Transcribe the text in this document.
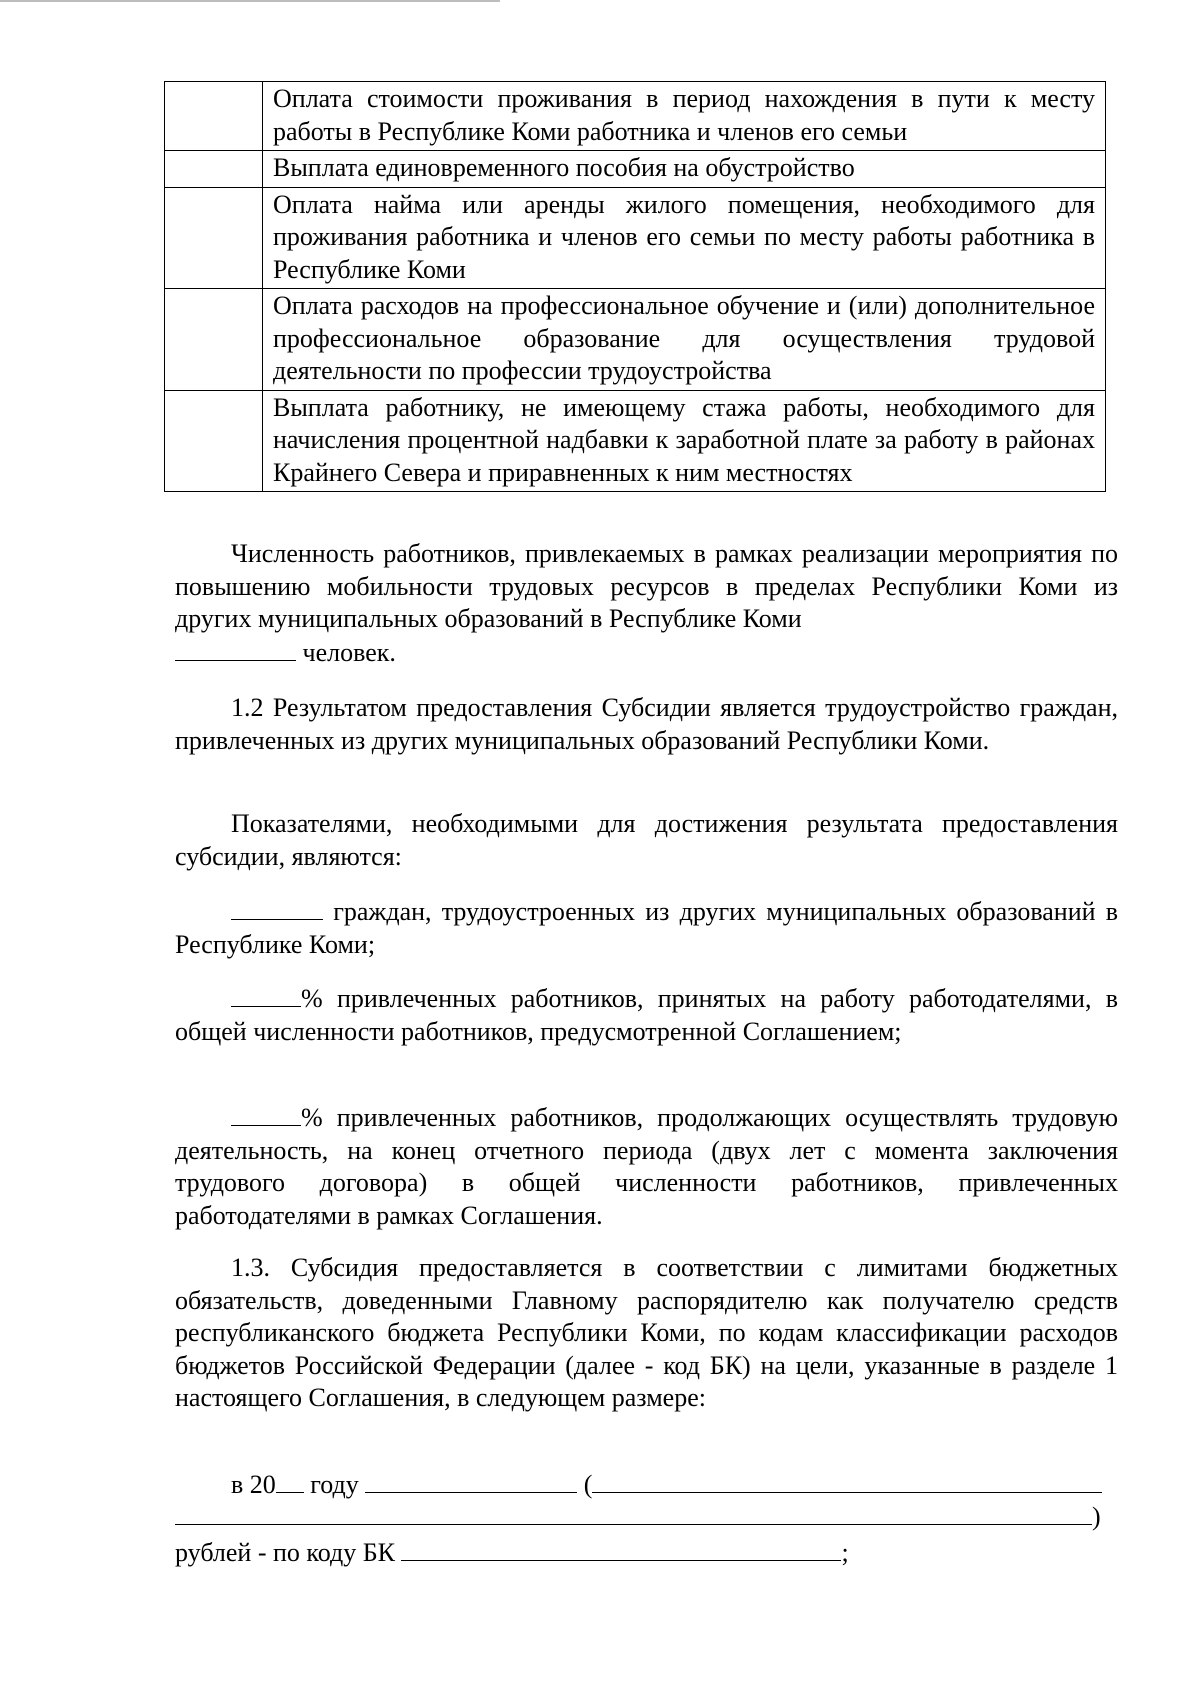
	Оплата стоимости проживания в период нахождения в пути к месту работы в Республике Коми работника и членов его семьи
	Выплата единовременного пособия на обустройство
	Оплата найма или аренды жилого помещения, необходимого для проживания работника и членов его семьи по месту работы работника в Республике Коми
	Оплата расходов на профессиональное обучение и (или) дополнительное профессиональное образование для осуществления трудовой деятельности по профессии трудоустройства
	Выплата работнику, не имеющему стажа работы, необходимого для начисления процентной надбавки к заработной плате за работу в районах Крайнего Севера и приравненных к ним местностях
Численность работников, привлекаемых в рамках реализации мероприятия по повышению мобильности трудовых ресурсов в пределах Республики Коми из других муниципальных образований в Республике Коми
человек.
1.2 Результатом предоставления Субсидии является трудоустройство граждан, привлеченных из других муниципальных образований Республики Коми.
Показателями, необходимыми для достижения результата предоставления субсидии, являются:
граждан, трудоустроенных из других муниципальных образований в Республике Коми;
% привлеченных работников, принятых на работу работодателями, в общей численности работников, предусмотренной Соглашением;
% привлеченных работников, продолжающих осуществлять трудовую деятельность, на конец отчетного периода (двух лет с момента заключения трудового договора) в общей численности работников, привлеченных работодателями в рамках Соглашения.
1.3. Субсидия предоставляется в соответствии с лимитами бюджетных обязательств, доведенными Главному распорядителю как получателю средств республиканского бюджета Республики Коми, по кодам классификации расходов бюджетов Российской Федерации (далее - код БК) на цели, указанные в разделе 1 настоящего Соглашения, в следующем размере:
в 20 году	(
)
рублей - по коду БК	;
